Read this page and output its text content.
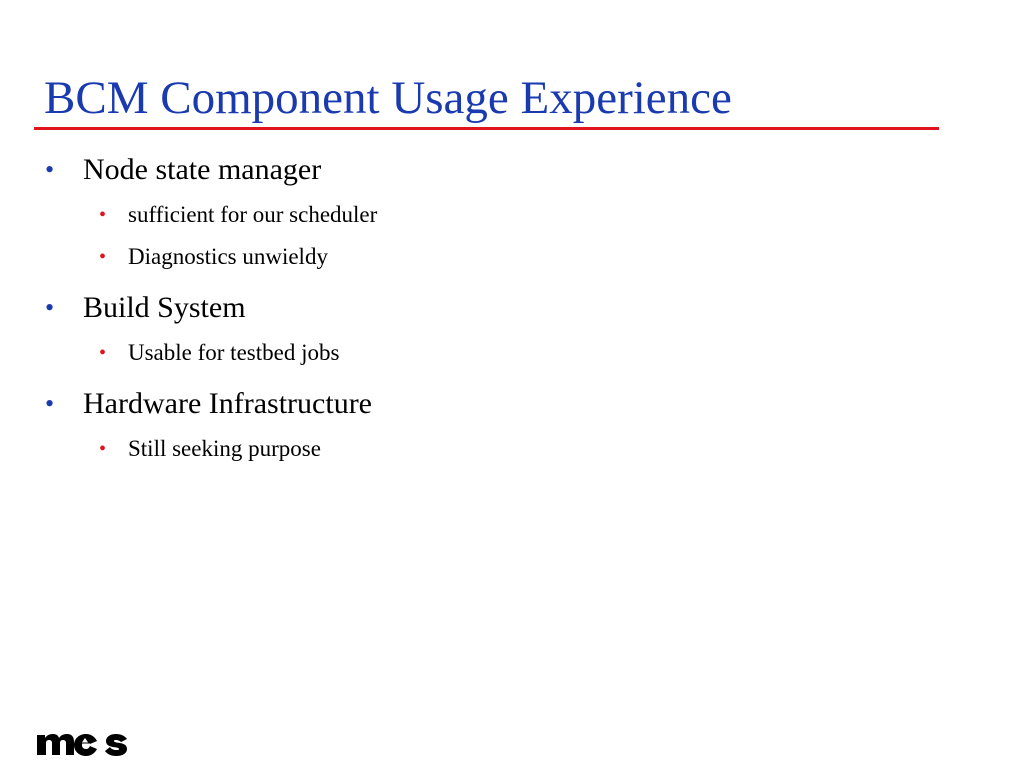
BCM Component Usage Experience
• Node state manager
• sufficient for our scheduler
• Diagnostics unwieldy
• Build System
• Usable for testbed jobs
• Hardware Infrastructure
• Still seeking purpose
